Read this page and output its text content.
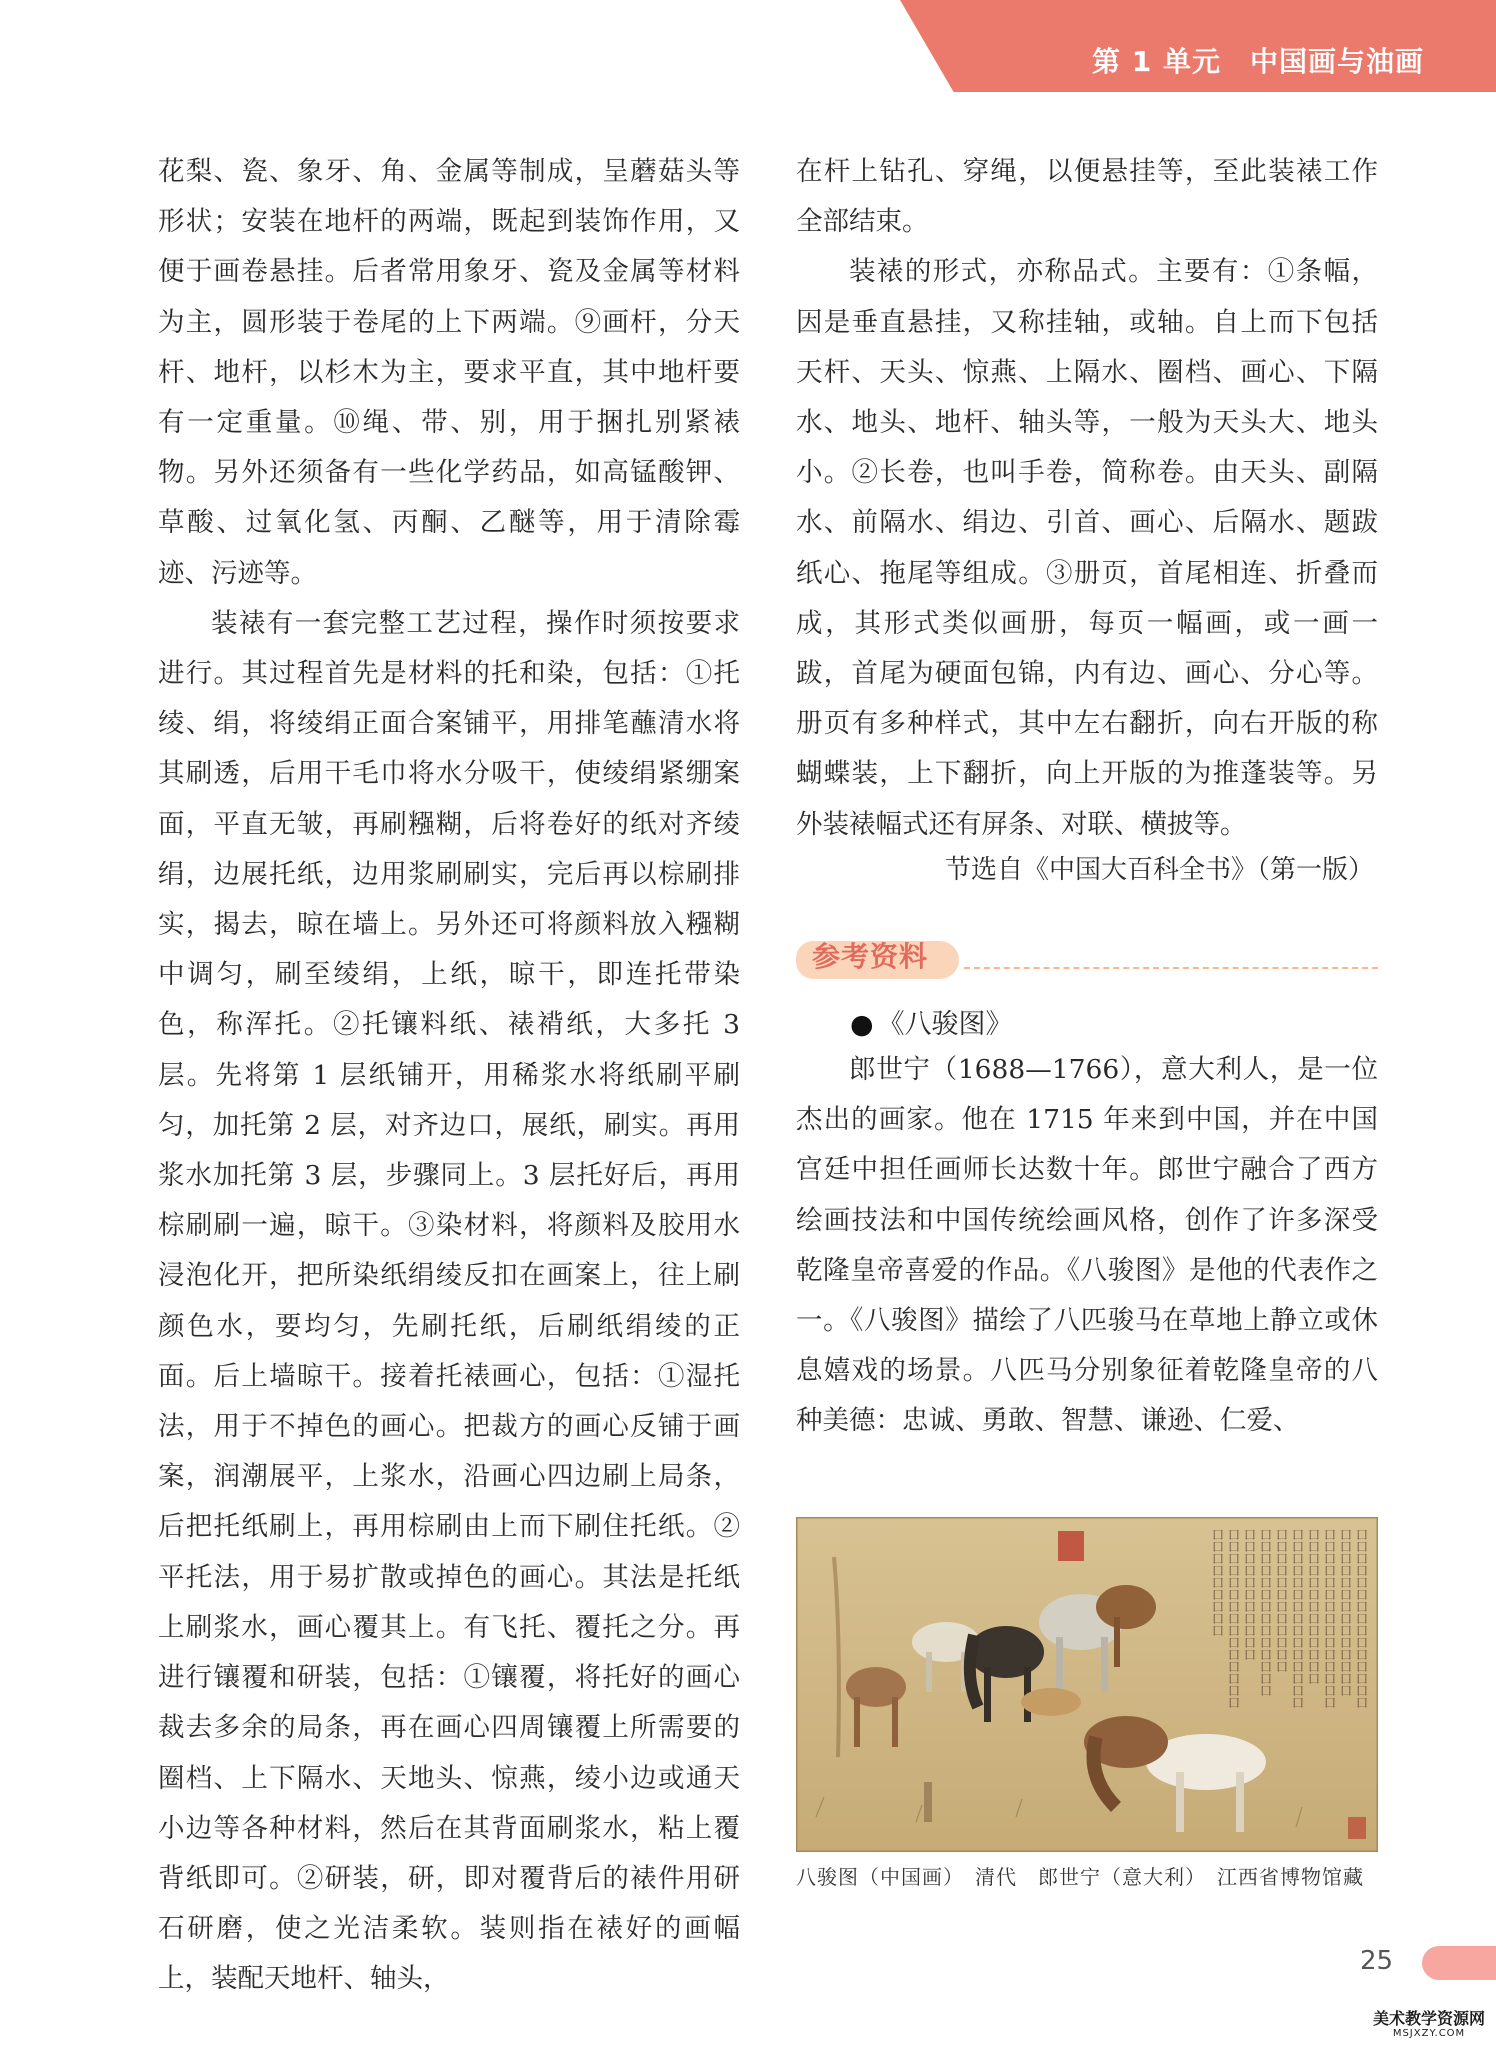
第 1 单元　中国画与油画

花梨、瓷、象牙、角、金属等制成，呈蘑菇头等形状；安装在地杆的两端，既起到装饰作用，又便于画卷悬挂。后者常用象牙、瓷及金属等材料为主，圆形装于卷尾的上下两端。⑨画杆，分天杆、地杆，以杉木为主，要求平直，其中地杆要有一定重量。⑩绳、带、别，用于捆扎别紧裱物。另外还须备有一些化学药品，如高锰酸钾、草酸、过氧化氢、丙酮、乙醚等，用于清除霉迹、污迹等。

装裱有一套完整工艺过程，操作时须按要求进行。其过程首先是材料的托和染，包括：①托绫、绢，将绫绢正面合案铺平，用排笔蘸清水将其刷透，后用干毛巾将水分吸干，使绫绢紧绷案面，平直无皱，再刷糨糊，后将卷好的纸对齐绫绢，边展托纸，边用浆刷刷实，完后再以棕刷排实，揭去，晾在墙上。另外还可将颜料放入糨糊中调匀，刷至绫绢，上纸，晾干，即连托带染色，称浑托。②托镶料纸、裱褙纸，大多托 3 层。先将第 1 层纸铺开，用稀浆水将纸刷平刷匀，加托第 2 层，对齐边口，展纸，刷实。再用浆水加托第 3 层，步骤同上。3 层托好后，再用棕刷刷一遍，晾干。③染材料，将颜料及胶用水浸泡化开，把所染纸绢绫反扣在画案上，往上刷颜色水，要均匀，先刷托纸，后刷纸绢绫的正面。后上墙晾干。接着托裱画心，包括：①湿托法，用于不掉色的画心。把裁方的画心反铺于画案，润潮展平，上浆水，沿画心四边刷上局条，后把托纸刷上，再用棕刷由上而下刷住托纸。②平托法，用于易扩散或掉色的画心。其法是托纸上刷浆水，画心覆其上。有飞托、覆托之分。再进行镶覆和研装，包括：①镶覆，将托好的画心裁去多余的局条，再在画心四周镶覆上所需要的圈档、上下隔水、天地头、惊燕，绫小边或通天小边等各种材料，然后在其背面刷浆水，粘上覆背纸即可。②研装，研，即对覆背后的裱件用研石研磨，使之光洁柔软。装则指在裱好的画幅上，装配天地杆、轴头，

在杆上钻孔、穿绳，以便悬挂等，至此装裱工作全部结束。

装裱的形式，亦称品式。主要有：①条幅，因是垂直悬挂，又称挂轴，或轴。自上而下包括天杆、天头、惊燕、上隔水、圈档、画心、下隔水、地头、地杆、轴头等，一般为天头大、地头小。②长卷，也叫手卷，简称卷。由天头、副隔水、前隔水、绢边、引首、画心、后隔水、题跋纸心、拖尾等组成。③册页，首尾相连、折叠而成，其形式类似画册，每页一幅画，或一画一跋，首尾为硬面包锦，内有边、画心、分心等。册页有多种样式，其中左右翻折，向右开版的称蝴蝶装，上下翻折，向上开版的为推蓬装等。另外装裱幅式还有屏条、对联、横披等。

节选自《中国大百科全书》（第一版）
参考资料
● 《八骏图》

郎世宁（1688—1766），意大利人，是一位杰出的画家。他在 1715 年来到中国，并在中国宫廷中担任画师长达数十年。郎世宁融合了西方绘画技法和中国传统绘画风格，创作了许多深受乾隆皇帝喜爱的作品。《八骏图》是他的代表作之一。《八骏图》描绘了八匹骏马在草地上静立或休息嬉戏的场景。八匹马分别象征着乾隆皇帝的八种美德：忠诚、勇敢、智慧、谦逊、仁爱、

囗囗囗囗囗囗囗囗囗囗囗囗囗囗囗
囗囗囗囗囗囗囗囗囗囗囗囗囗囗
囗囗囗囗囗囗囗囗囗囗囗囗囗囗囗
囗囗囗囗囗囗囗囗囗囗囗囗囗
囗囗囗囗囗囗囗囗囗囗囗囗囗囗囗
囗囗囗囗囗囗囗囗囗囗囗囗
囗囗囗囗囗囗囗囗囗囗囗囗囗囗
囗囗囗囗囗囗囗囗囗囗囗
囗囗囗囗囗囗囗囗囗囗囗囗囗囗囗
囗囗囗囗囗囗囗囗囗
八骏图（中国画）　清代　郎世宁（意大利）　江西省博物馆藏
25
美术教学资源网
MSJXZY.COM
